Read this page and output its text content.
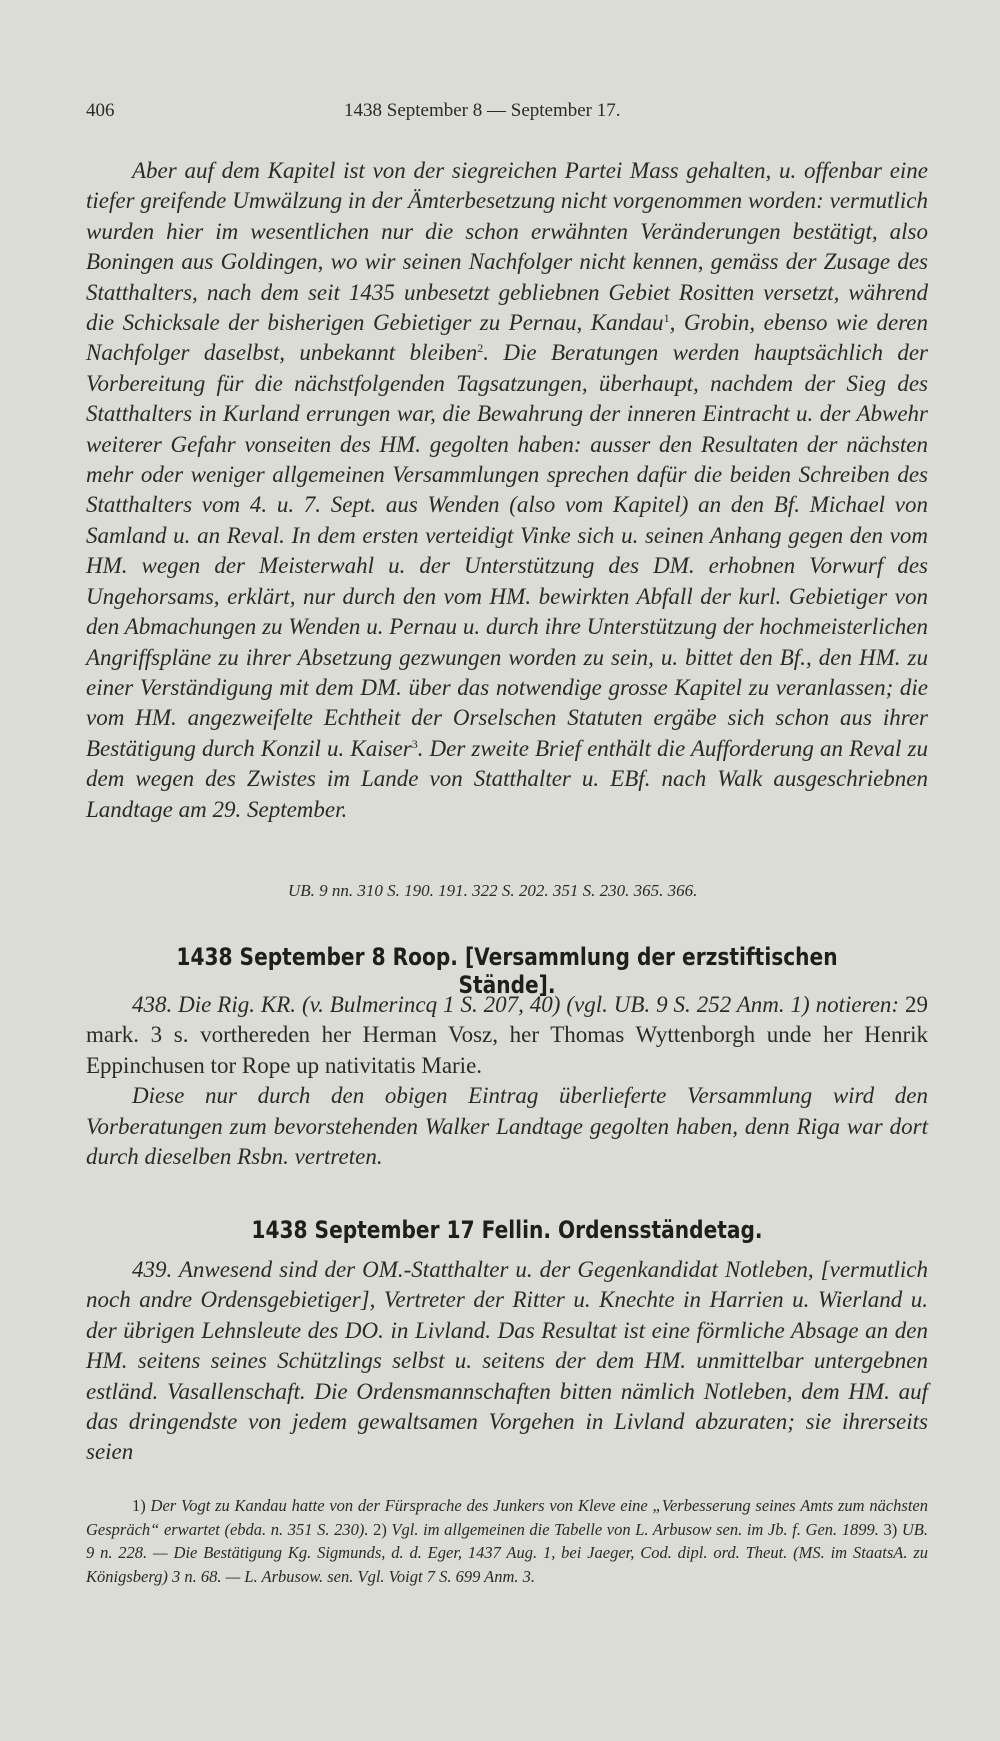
406	1438 September 8 — September 17.

Aber auf dem Kapitel ist von der siegreichen Partei Mass gehalten, u. offenbar eine tiefer greifende Umwälzung in der Ämterbesetzung nicht vorgenommen worden: vermutlich wurden hier im wesentlichen nur die schon erwähnten Veränderungen bestätigt, also Boningen aus Goldingen, wo wir seinen Nachfolger nicht kennen, gemäss der Zusage des Statthalters, nach dem seit 1435 unbesetzt gebliebnen Gebiet Rositten versetzt, während die Schicksale der bisherigen Gebietiger zu Pernau, Kandau$^1$, Grobin, ebenso wie deren Nachfolger daselbst, unbekannt bleiben$^2$. Die Beratungen werden hauptsächlich der Vorbereitung für die nächstfolgenden Tagsatzungen, überhaupt, nachdem der Sieg des Statthalters in Kurland errungen war, die Bewahrung der inneren Eintracht u. der Abwehr weiterer Gefahr vonseiten des HM. gegolten haben: ausser den Resultaten der nächsten mehr oder weniger allgemeinen Versammlungen sprechen dafür die beiden Schreiben des Statthalters vom 4. u. 7. Sept. aus Wenden (also vom Kapitel) an den Bf. Michael von Samland u. an Reval. In dem ersten verteidigt Vinke sich u. seinen Anhang gegen den vom HM. wegen der Meisterwahl u. der Unterstützung des DM. erhobnen Vorwurf des Ungehorsams, erklärt, nur durch den vom HM. bewirkten Abfall der kurl. Gebietiger von den Abmachungen zu Wenden u. Pernau u. durch ihre Unterstützung der hochmeisterlichen Angriffspläne zu ihrer Absetzung gezwungen worden zu sein, u. bittet den Bf., den HM. zu einer Verständigung mit dem DM. über das notwendige grosse Kapitel zu veranlassen; die vom HM. angezweifelte Echtheit der Orselschen Statuten ergäbe sich schon aus ihrer Bestätigung durch Konzil u. Kaiser$^3$. Der zweite Brief enthält die Aufforderung an Reval zu dem wegen des Zwistes im Lande von Statthalter u. EBf. nach Walk ausgeschriebnen Landtage am 29. September.

UB. 9 nn. 310 S. 190. 191. 322 S. 202. 351 S. 230. 365. 366.
1438 September 8 Roop. [Versammlung der erzstiftischen Stände].

438. Die Rig. KR. (v. Bulmerincq 1 S. 207, 40) (vgl. UB. 9 S. 252 Anm. 1) notieren: 29 mark. 3 s. vorthereden her Herman Vosz, her Thomas Wyttenborgh unde her Henrik Eppinchusen tor Rope up nativitatis Marie.

Diese nur durch den obigen Eintrag überlieferte Versammlung wird den Vorberatungen zum bevorstehenden Walker Landtage gegolten haben, denn Riga war dort durch dieselben Rsbn. vertreten.

1438 September 17 Fellin. Ordensständetag.

439. Anwesend sind der OM.-Statthalter u. der Gegenkandidat Notleben, [vermutlich noch andre Ordensgebietiger], Vertreter der Ritter u. Knechte in Harrien u. Wierland u. der übrigen Lehnsleute des DO. in Livland. Das Resultat ist eine förmliche Absage an den HM. seitens seines Schützlings selbst u. seitens der dem HM. unmittelbar untergebnen estländ. Vasallenschaft. Die Ordensmannschaften bitten nämlich Notleben, dem HM. auf das dringendste von jedem gewaltsamen Vorgehen in Livland abzuraten; sie ihrerseits seien

1) Der Vogt zu Kandau hatte von der Fürsprache des Junkers von Kleve eine „Verbesserung seines Amts zum nächsten Gespräch“ erwartet (ebda. n. 351 S. 230). 2) Vgl. im allgemeinen die Tabelle von L. Arbusow sen. im Jb. f. Gen. 1899. 3) UB. 9 n. 228. — Die Bestätigung Kg. Sigmunds, d. d. Eger, 1437 Aug. 1, bei Jaeger, Cod. dipl. ord. Theut. (MS. im StaatsA. zu Königsberg) 3 n. 68. — L. Arbusow. sen. Vgl. Voigt 7 S. 699 Anm. 3.
